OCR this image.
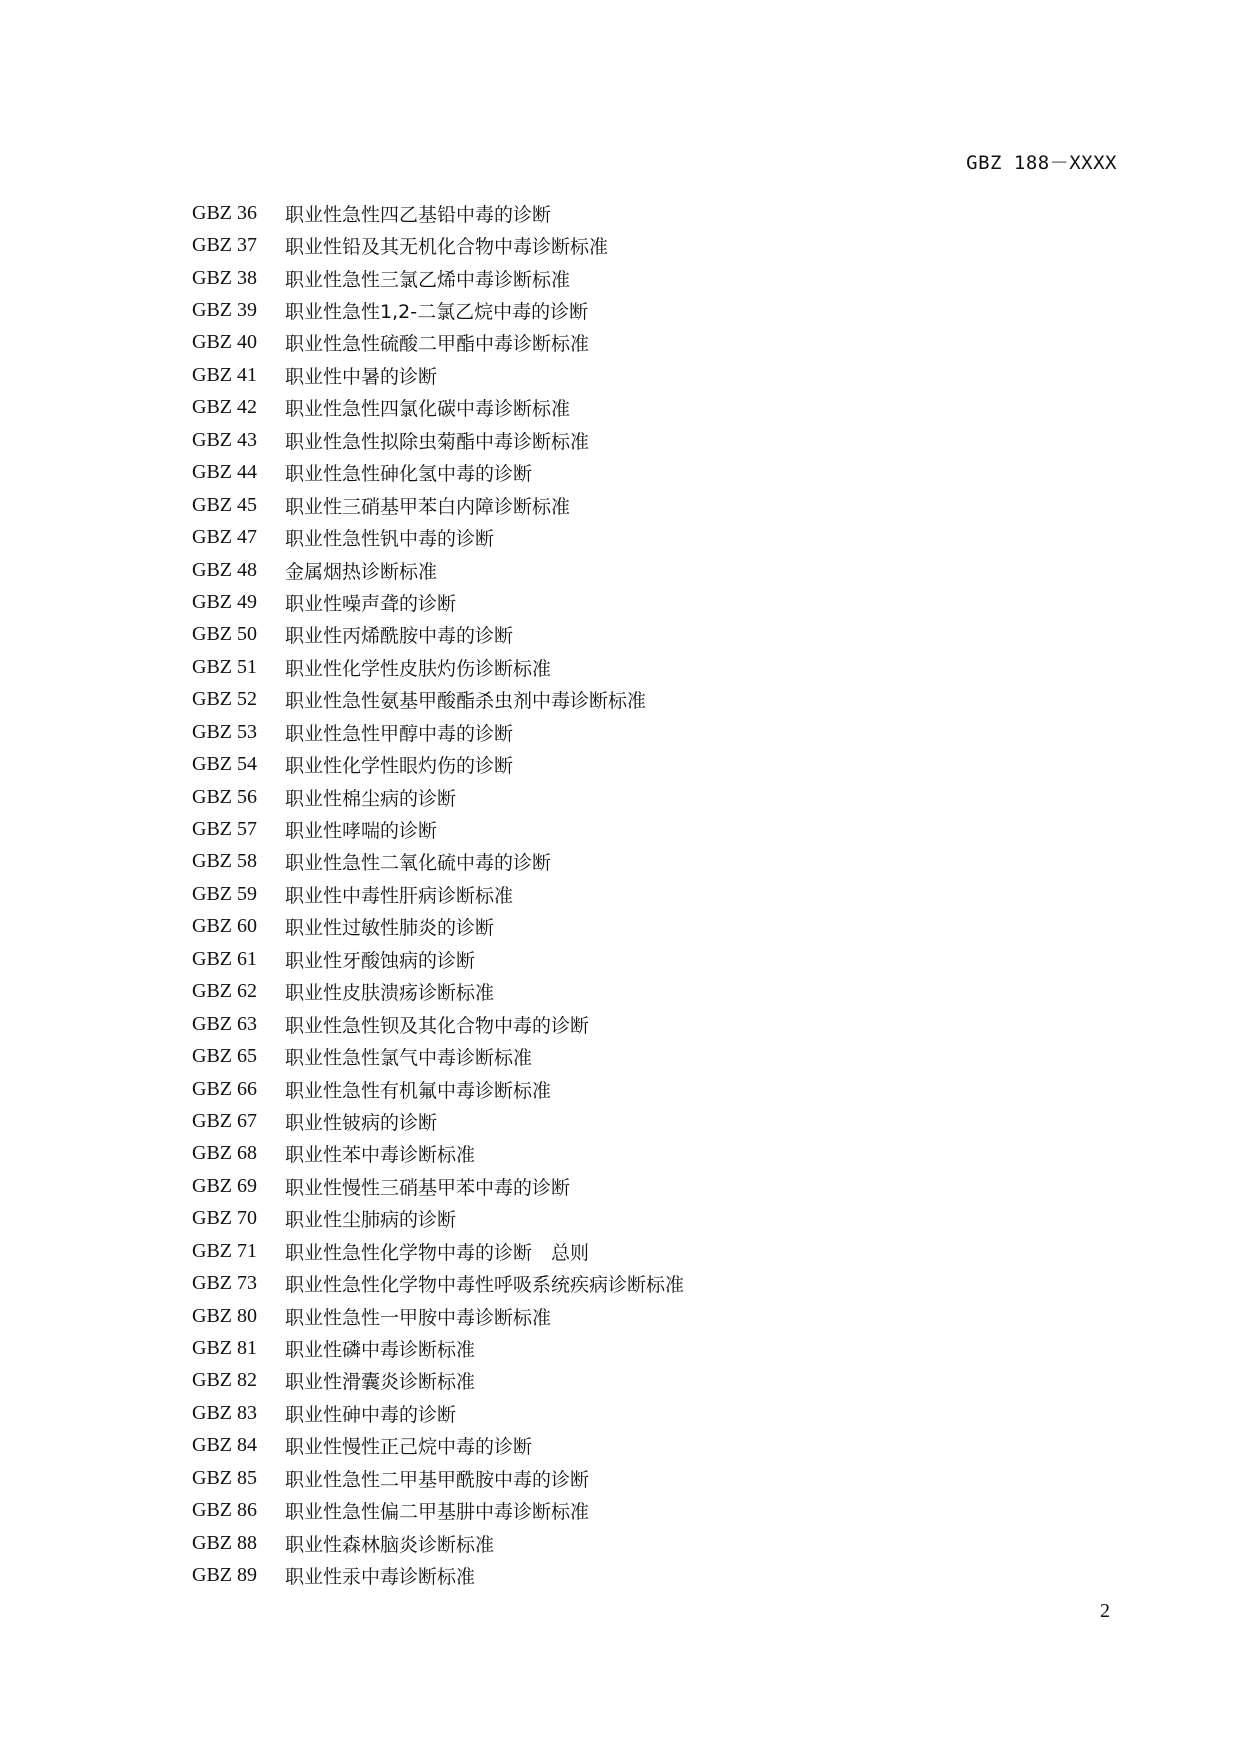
GBZ 188－XXXX
GBZ 36	职业性急性四乙基铅中毒的诊断
GBZ 37	职业性铅及其无机化合物中毒诊断标准
GBZ 38	职业性急性三氯乙烯中毒诊断标准
GBZ 39	职业性急性1,2-二氯乙烷中毒的诊断
GBZ 40	职业性急性硫酸二甲酯中毒诊断标准
GBZ 41	职业性中暑的诊断
GBZ 42	职业性急性四氯化碳中毒诊断标准
GBZ 43	职业性急性拟除虫菊酯中毒诊断标准
GBZ 44	职业性急性砷化氢中毒的诊断
GBZ 45	职业性三硝基甲苯白内障诊断标准
GBZ 47	职业性急性钒中毒的诊断
GBZ 48	金属烟热诊断标准
GBZ 49	职业性噪声聋的诊断
GBZ 50	职业性丙烯酰胺中毒的诊断
GBZ 51	职业性化学性皮肤灼伤诊断标准
GBZ 52	职业性急性氨基甲酸酯杀虫剂中毒诊断标准
GBZ 53	职业性急性甲醇中毒的诊断
GBZ 54	职业性化学性眼灼伤的诊断
GBZ 56	职业性棉尘病的诊断
GBZ 57	职业性哮喘的诊断
GBZ 58	职业性急性二氧化硫中毒的诊断
GBZ 59	职业性中毒性肝病诊断标准
GBZ 60	职业性过敏性肺炎的诊断
GBZ 61	职业性牙酸蚀病的诊断
GBZ 62	职业性皮肤溃疡诊断标准
GBZ 63	职业性急性钡及其化合物中毒的诊断
GBZ 65	职业性急性氯气中毒诊断标准
GBZ 66	职业性急性有机氟中毒诊断标准
GBZ 67	职业性铍病的诊断
GBZ 68	职业性苯中毒诊断标准
GBZ 69	职业性慢性三硝基甲苯中毒的诊断
GBZ 70	职业性尘肺病的诊断
GBZ 71	职业性急性化学物中毒的诊断　总则
GBZ 73	职业性急性化学物中毒性呼吸系统疾病诊断标准
GBZ 80	职业性急性一甲胺中毒诊断标准
GBZ 81	职业性磷中毒诊断标准
GBZ 82	职业性滑囊炎诊断标准
GBZ 83	职业性砷中毒的诊断
GBZ 84	职业性慢性正己烷中毒的诊断
GBZ 85	职业性急性二甲基甲酰胺中毒的诊断
GBZ 86	职业性急性偏二甲基肼中毒诊断标准
GBZ 88	职业性森林脑炎诊断标准
GBZ 89	职业性汞中毒诊断标准
2
